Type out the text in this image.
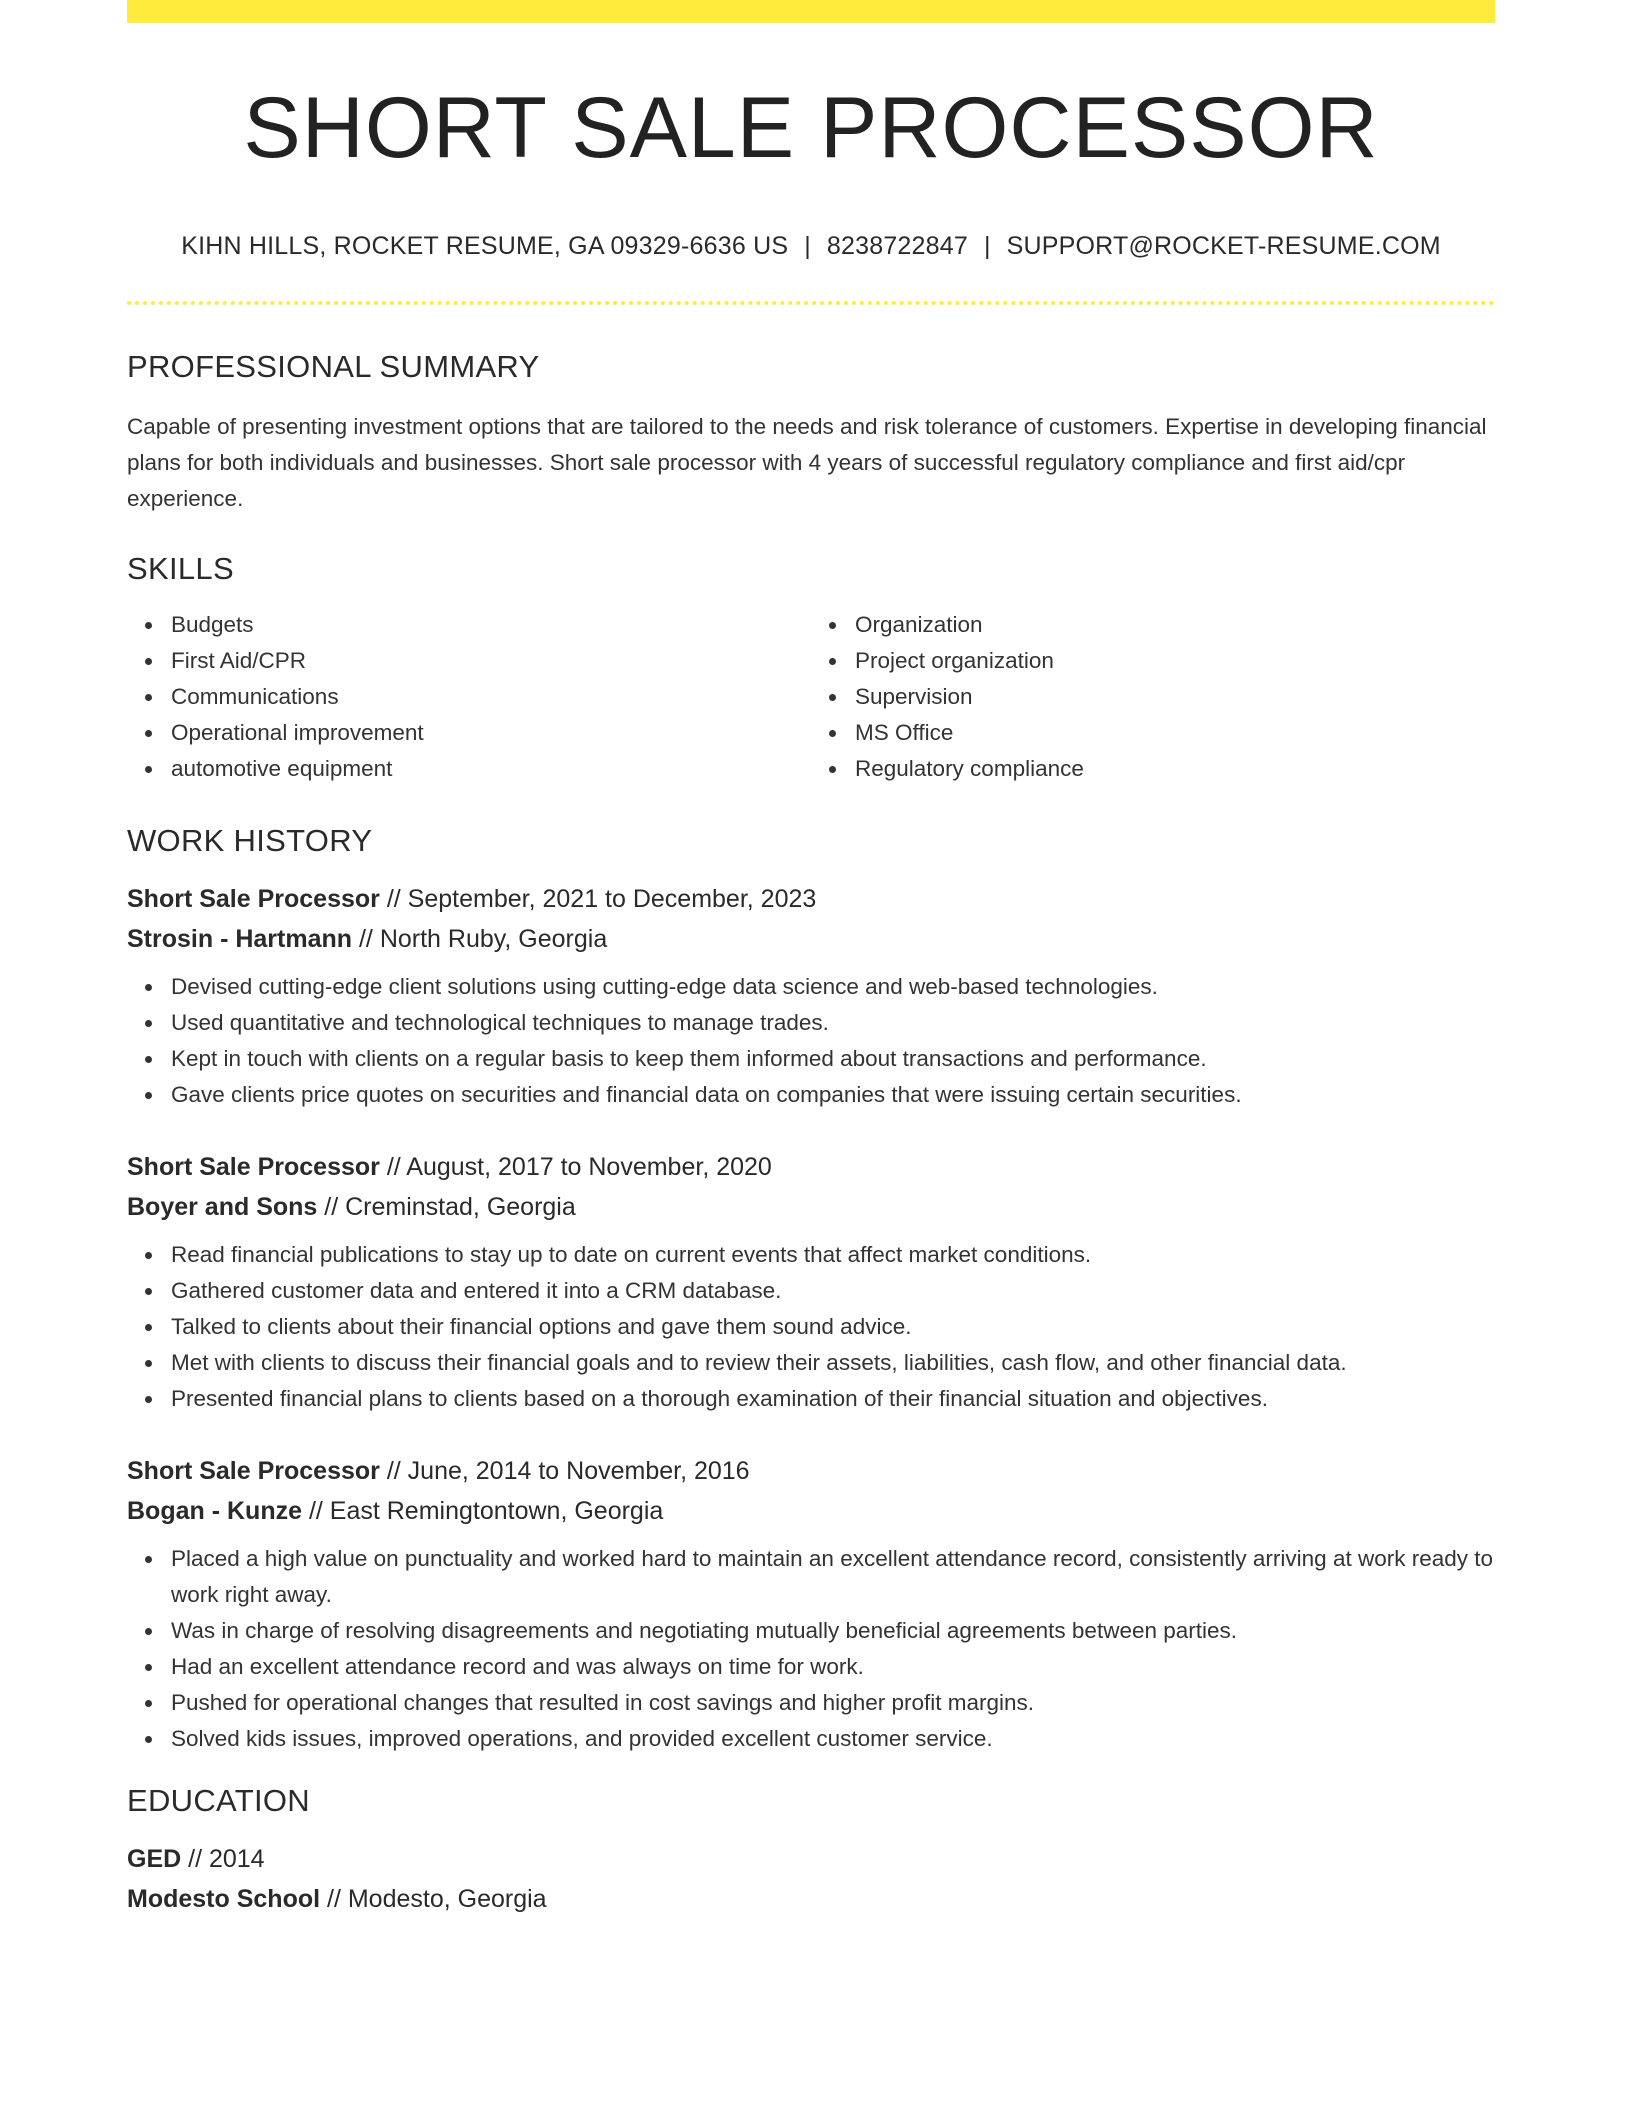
SHORT SALE PROCESSOR
KIHN HILLS, ROCKET RESUME, GA 09329-6636 US | 8238722847 | SUPPORT@ROCKET-RESUME.COM
PROFESSIONAL SUMMARY

Capable of presenting investment options that are tailored to the needs and risk tolerance of customers. Expertise in developing financial plans for both individuals and businesses. Short sale processor with 4 years of successful regulatory compliance and first aid/cpr experience.

SKILLS
Budgets
First Aid/CPR
Communications
Operational improvement
automotive equipment
Organization
Project organization
Supervision
MS Office
Regulatory compliance
WORK HISTORY
Short Sale Processor // September, 2021 to December, 2023
Strosin - Hartmann // North Ruby, Georgia
Devised cutting-edge client solutions using cutting-edge data science and web-based technologies.
Used quantitative and technological techniques to manage trades.
Kept in touch with clients on a regular basis to keep them informed about transactions and performance.
Gave clients price quotes on securities and financial data on companies that were issuing certain securities.
Short Sale Processor // August, 2017 to November, 2020
Boyer and Sons // Creminstad, Georgia
Read financial publications to stay up to date on current events that affect market conditions.
Gathered customer data and entered it into a CRM database.
Talked to clients about their financial options and gave them sound advice.
Met with clients to discuss their financial goals and to review their assets, liabilities, cash flow, and other financial data.
Presented financial plans to clients based on a thorough examination of their financial situation and objectives.
Short Sale Processor // June, 2014 to November, 2016
Bogan - Kunze // East Remingtontown, Georgia
Placed a high value on punctuality and worked hard to maintain an excellent attendance record, consistently arriving at work ready to work right away.
Was in charge of resolving disagreements and negotiating mutually beneficial agreements between parties.
Had an excellent attendance record and was always on time for work.
Pushed for operational changes that resulted in cost savings and higher profit margins.
Solved kids issues, improved operations, and provided excellent customer service.
EDUCATION
GED // 2014
Modesto School // Modesto, Georgia
